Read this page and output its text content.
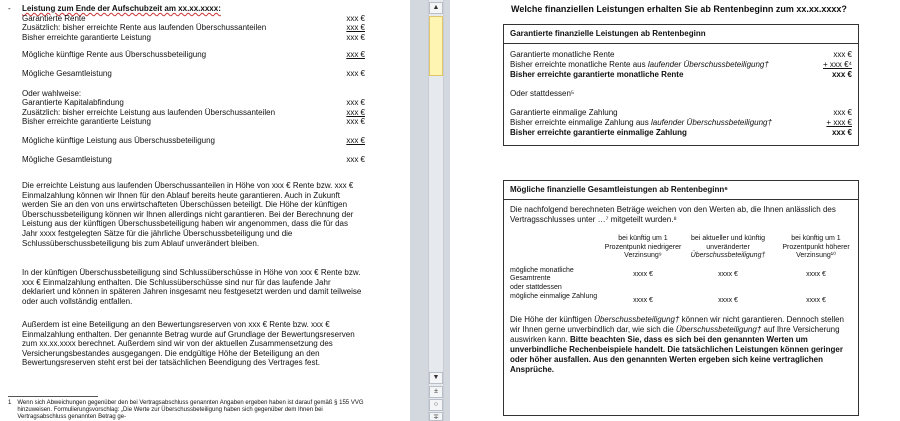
- Leistung zum Ende der Aufschubzeit am xx.xx.xxxx:
Garantierte Rente	xxx €
Zusätzlich: bisher erreichte Rente aus laufenden Überschussanteilen	xxx €
Bisher erreichte garantierte Leistung	xxx €
Mögliche künftige Rente aus Überschussbeteiligung	xxx €
Mögliche Gesamtleistung	xxx €
Oder wahlweise:
Garantierte Kapitalabfindung	xxx €
Zusätzlich: bisher erreichte Leistung aus laufenden Überschussanteilen	xxx €
Bisher erreichte garantierte Leistung	xxx €
Mögliche künftige Leistung aus Überschussbeteiligung	xxx €
Mögliche Gesamtleistung	xxx €

Die erreichte Leistung aus laufenden Überschussanteilen in Höhe von xxx € Rente bzw. xxx € Einmalzahlung können wir Ihnen für den Ablauf bereits heute garantieren. Auch in Zukunft werden Sie an den von uns erwirtschafteten Überschüssen beteiligt. Die Höhe der künftigen Überschussbeteiligung können wir Ihnen allerdings nicht garantieren. Bei der Berechnung der Leistung aus der künftigen Überschussbeteiligung haben wir angenommen, dass die für das Jahr xxxx festgelegten Sätze für die jährliche Überschussbeteiligung und die Schlussüberschussbeteiligung bis zum Ablauf unverändert bleiben.

In der künftigen Überschussbeteiligung sind Schlussüberschüsse in Höhe von xxx € Rente bzw. xxx € Einmalzahlung enthalten. Die Schlussüberschüsse sind nur für das laufende Jahr deklariert und können in späteren Jahren insgesamt neu festgesetzt werden und damit teilweise oder auch vollständig entfallen.

Außerdem ist eine Beteiligung an den Bewertungsreserven von xxx € Rente bzw. xxx € Einmalzahlung enthalten. Der genannte Betrag wurde auf Grundlage der Bewertungsreserven zum xx.xx.xxxx berechnet. Außerdem sind wir von der aktuellen Zusammensetzung des Versicherungsbestandes ausgegangen. Die endgültige Höhe der Beteiligung an den Bewertungsreserven steht erst bei der tatsächlichen Beendigung des Vertrages fest.

1 Wenn sich Abweichungen gegenüber den bei Vertragsabschluss genannten Angaben ergeben haben ist darauf gemäß § 155 VVG hinzuweisen. Formulierungsvorschlag: „Die Werte zur Überschussbeteiligung haben sich gegenüber dem Ihnen bei Vertragsabschluss genannten Betrag ge-
▲
▼
±
○
∓
Welche finanziellen Leistungen erhalten Sie ab Rentenbeginn zum xx.xx.xxxx?
Garantierte finanzielle Leistungen ab Rentenbeginn
Garantierte monatliche Rente	xxx €
Bisher erreichte monatliche Rente aus laufender Überschussbeteiligung†	+ xxx €⁴
Bisher erreichte garantierte monatliche Rente	xxx €
Oder stattdessen⁵
Garantierte einmalige Zahlung	xxx €
Bisher erreichte einmalige Zahlung aus laufender Überschussbeteiligung†	+ xxx €
Bisher erreichte garantierte einmalige Zahlung	xxx €
Mögliche finanzielle Gesamtleistungen ab Rentenbeginn⁶

Die nachfolgend berechneten Beträge weichen von den Werten ab, die Ihnen anlässlich des Vertragsschlusses unter …⁷ mitgeteilt wurden.⁸

bei künftig um 1 Prozentpunkt niedrigerer Verzinsung⁹
bei aktueller und künftig unveränderter
Überschussbeteiligung†
bei künftig um 1 Prozentpunkt höherer Verzinsung¹⁰
mögliche monatliche Gesamtrente
xxxx €	xxxx €	xxxx €
oder stattdessen
mögliche einmalige Zahlung
xxxx €	xxxx €	xxxx €

Die Höhe der künftigen Überschussbeteiligung† können wir nicht garantieren. Dennoch stellen wir Ihnen gerne unverbindlich dar, wie sich die Überschussbeteiligung† auf Ihre Versicherung auswirken kann. Bitte beachten Sie, dass es sich bei den genannten Werten um unverbindliche Rechenbeispiele handelt. Die tatsächlichen Leistungen können geringer oder höher ausfallen. Aus den genannten Werten ergeben sich keine vertraglichen Ansprüche.
